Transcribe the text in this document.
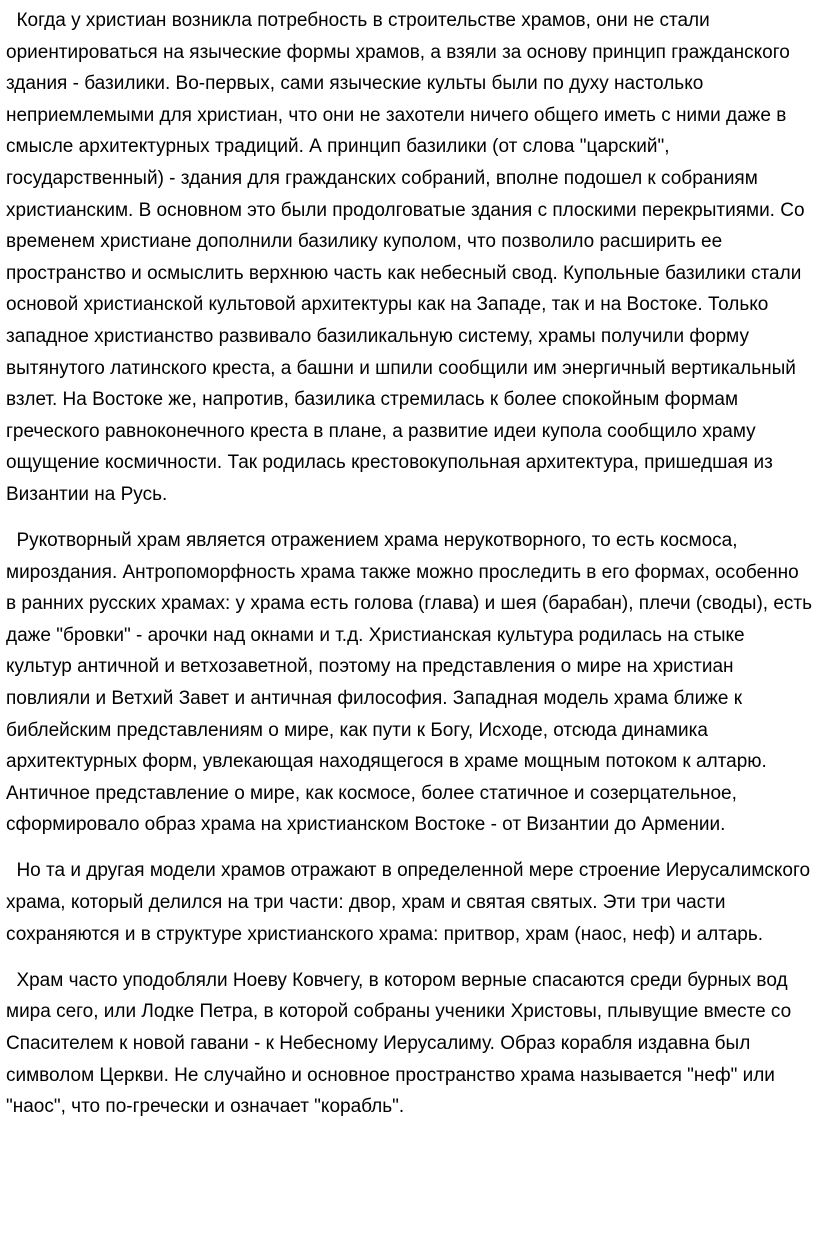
Когда у христиан возникла потребность в строительстве храмов, они не стали ориентироваться на языческие формы храмов, а взяли за основу принцип гражданского здания - базилики. Во-первых, сами языческие культы были по духу настолько неприемлемыми для христиан, что они не захотели ничего общего иметь с ними даже в смысле архитектурных традиций. А принцип базилики (от слова "царский", государственный) - здания для гражданских собраний, вполне подошел к собраниям христианским. В основном это были продолговатые здания с плоскими перекрытиями. Со временем христиане дополнили базилику куполом, что позволило расширить ее пространство и осмыслить верхнюю часть как небесный свод. Купольные базилики стали основой христианской культовой архитектуры как на Западе, так и на Востоке. Только западное христианство развивало базиликальную систему, храмы получили форму вытянутого латинского креста, а башни и шпили сообщили им энергичный вертикальный взлет. На Востоке же, напротив, базилика стремилась к более спокойным формам греческого равноконечного креста в плане, а развитие идеи купола сообщило храму ощущение космичности. Так родилась крестовокупольная архитектура, пришедшая из Византии на Русь.

Рукотворный храм является отражением храма нерукотворного, то есть космоса, мироздания. Антропоморфность храма также можно проследить в его формах, особенно в ранних русских храмах: у храма есть голова (глава) и шея (барабан), плечи (своды), есть даже "бровки" - арочки над окнами и т.д. Христианская культура родилась на стыке культур античной и ветхозаветной, поэтому на представления о мире на христиан повлияли и Ветхий Завет и античная философия. Западная модель храма ближе к библейским представлениям о мире, как пути к Богу, Исходе, отсюда динамика архитектурных форм, увлекающая находящегося в храме мощным потоком к алтарю. Античное представление о мире, как космосе, более статичное и созерцательное, сформировало образ храма на христианском Востоке - от Византии до Армении.

Но та и другая модели храмов отражают в определенной мере строение Иерусалимского храма, который делился на три части: двор, храм и святая святых. Эти три части сохраняются и в структуре христианского храма: притвор, храм (наос, неф) и алтарь.

Храм часто уподобляли Ноеву Ковчегу, в котором верные спасаются среди бурных вод мира сего, или Лодке Петра, в которой собраны ученики Христовы, плывущие вместе со Спасителем к новой гавани - к Небесному Иерусалиму. Образ корабля издавна был символом Церкви. Не случайно и основное пространство храма называется "неф" или "наос", что по-гречески и означает "корабль".
